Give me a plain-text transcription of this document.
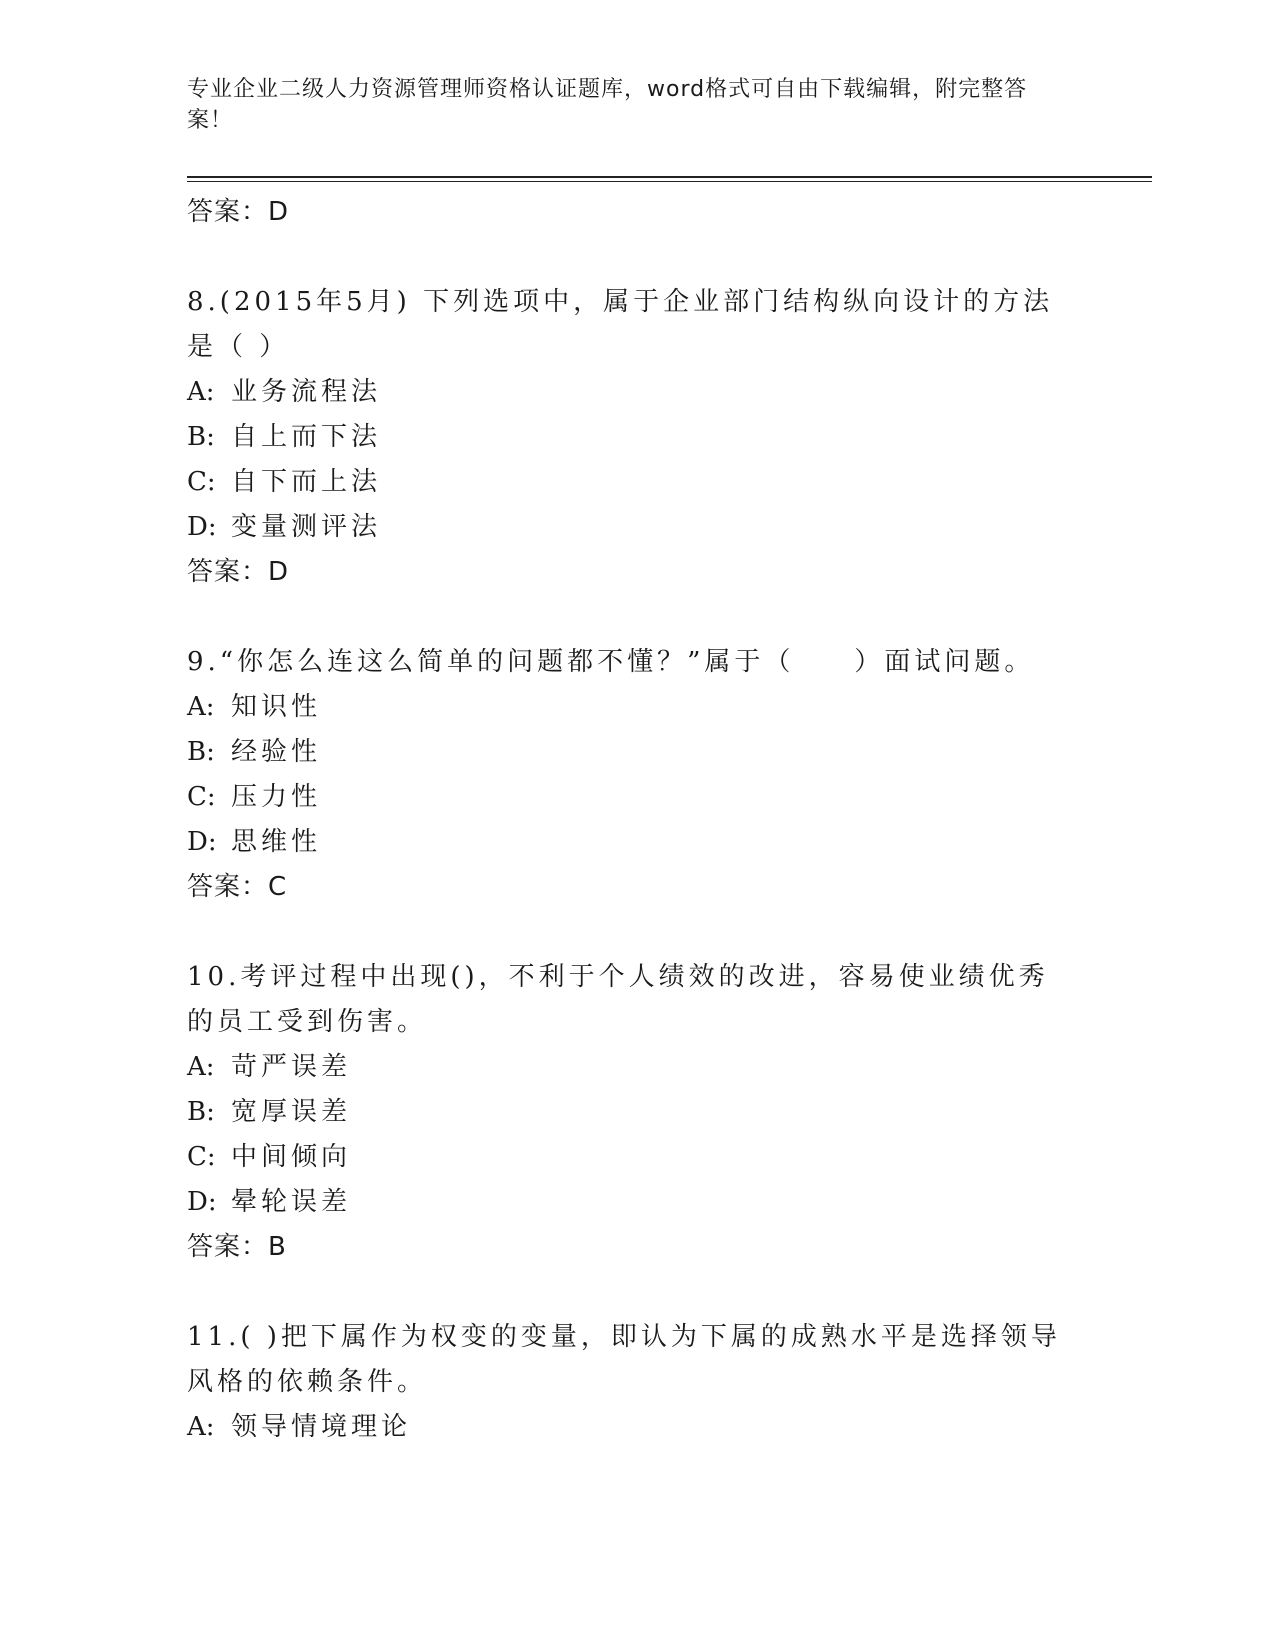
专业企业二级人力资源管理师资格认证题库，word格式可自由下载编辑，附完整答案！
答案：D
8.(2015年5月) 下列选项中，属于企业部门结构纵向设计的方法是（ ）
A: 业务流程法
B: 自上而下法
C: 自下而上法
D: 变量测评法
答案：D
9.“你怎么连这么简单的问题都不懂？”属于（　　）面试问题。
A: 知识性
B: 经验性
C: 压力性
D: 思维性
答案：C
10.考评过程中出现()，不利于个人绩效的改进，容易使业绩优秀的员工受到伤害。
A: 苛严误差
B: 宽厚误差
C: 中间倾向
D: 晕轮误差
答案：B
11.( )把下属作为权变的变量，即认为下属的成熟水平是选择领导风格的依赖条件。
A: 领导情境理论
